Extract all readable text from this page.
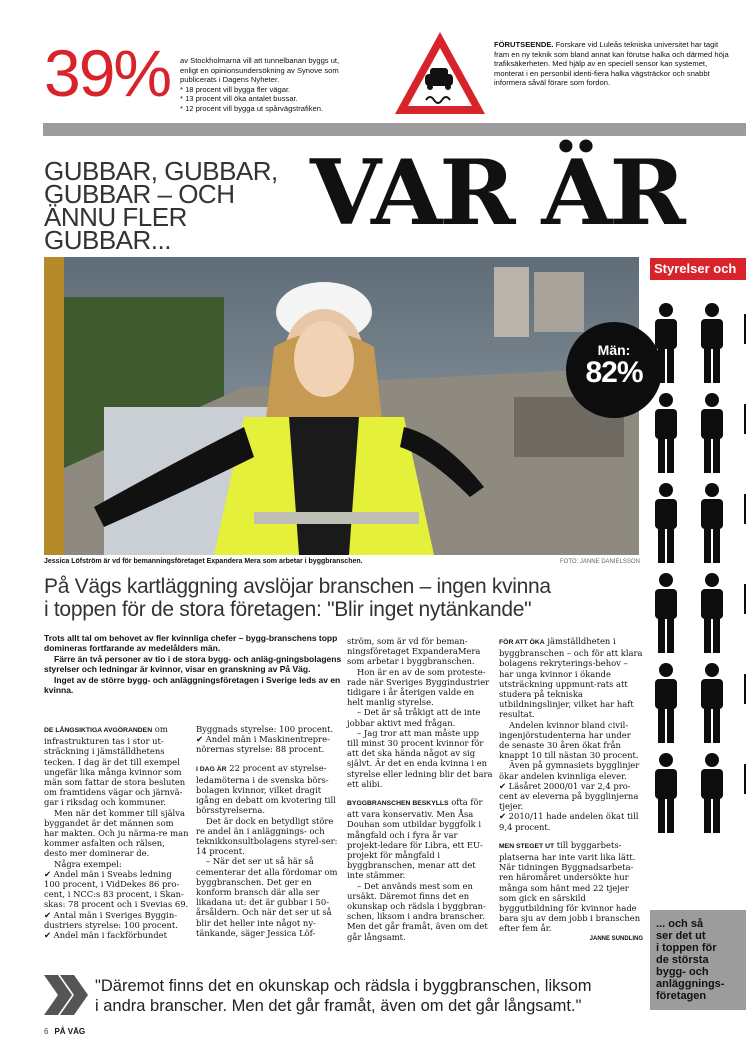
39% av Stockholmarna vill att tunnelbanan byggs ut,
enligt en opinionsundersökning av Synove som
publicerats i Dagens Nyheter.
* 18 procent vill bygga fler vägar.
* 13 procent vill öka antalet bussar.
* 12 procent vill bygga ut spårvägstrafiken.
FÖRUTSEENDE. Forskare vid Luleås tekniska universitet har tagit fram en ny teknik som bland annat kan förutse halka och därmed höja trafiksäkerheten. Med hjälp av en speciell sensor kan systemet, monterat i en personbil identi-fiera halka vägsträckor och snabbt informera såväl förare som fordon.
GUBBAR, GUBBAR,
GUBBAR – OCH
ÄNNU FLER GUBBAR...	VAR ÄR
Män:
82%
Jessica Löfström är vd för bemanningsföretaget Expandera Mera som arbetar i byggbranschen.	FOTO: JANNE DANIELSSON
På Vägs kartläggning avslöjar branschen – ingen kvinna
i toppen för de stora företagen: "Blir inget nytänkande"

Trots allt tal om behovet av fler kvinnliga chefer – bygg-branschens topp domineras fortfarande av medelålders män.

Färre än två personer av tio i de stora bygg- och anläg-gningsbolagens styrelser och ledningar är kvinnor, visar en granskning av På Väg.

Inget av de större bygg- och anläggningsföretagen i Sverige leds av en kvinna.

DE LÅNGSIKTIGA AVGÖRANDEN om infrastrukturen tas i stor ut-sträckning i jämställdhetens tecken. I dag är det till exempel ungefär lika många kvinnor som män som fattar de stora besluten om framtidens vägar och järnvä-gar i riksdag och kommuner.

Men när det kommer till själva byggandet är det männen som har makten. Och ju närma-re man kommer asfalten och rälsen, desto mer dominerar de.

Några exempel:

✔ Andel män i Sveabs ledning 100 procent, i VidDekes 86 pro-cent, i NCC:s 83 procent, i Skan-skas: 78 procent och i Svevias 69.

✔ Antal män i Sveriges Byggin-dustriers styrelse: 100 procent.

✔ Andel män i fackförbundet

Byggnads styrelse: 100 procent.

✔ Andel män i Maskinentrepre-nörernas styrelse: 88 procent.

I DAG ÄR 22 procent av styrelse-ledamöterna i de svenska börs-bolagen kvinnor, vilket dragit igång en debatt om kvotering till börsstyrelserna.

Det är dock en betydligt störe re andel än i anläggnings- och teknikkonsultbolagens styrel-ser: 14 procent.

– När det ser ut så här så cementerar det alla fördomar om byggbranschen. Det ger en konform bransch där alla ser likadana ut: det är gubbar i 50-årsåldern. Och när det ser ut så blir det heller inte något ny-tänkande, säger Jessica Löf-

ström, som är vd för beman-ningsföretaget ExpanderaMera som arbetar i byggbranschen.

Hon är en av de som proteste-rade när Sveriges Byggindustrier tidigare i år återigen valde en helt manlig styrelse.

– Det är så tråkigt att de inte jobbar aktivt med frågan.

– Jag tror att man måste upp till minst 30 procent kvinnor för att det ska hända något av sig självt. Är det en enda kvinna i en styrelse eller ledning blir det bara ett alibi.

BYGGBRANSCHEN BESKYLLS ofta för att vara konservativ. Men Åsa Douhan som utbildar byggfolk i mångfald och i fyra år var projekt-ledare för Libra, ett EU-projekt för mångfald i byggbranschen, menar att det inte stämmer.

– Det används mest som en ursäkt. Däremot finns det en okunskap och rädsla i byggbran-schen, liksom i andra branscher. Men det går framåt, även om det går långsamt.

FÖR ATT ÖKA jämställdheten i byggbranschen – och för att klara bolagens rekryterings-behov – har unga kvinnor i ökande utsträckning uppmunt-rats att studera på tekniska utbildningslinjer, vilket har haft resultat.

Andelen kvinnor bland civil-ingenjörstudenterna har under de senaste 30 åren ökat från knappt 10 till nästan 30 procent.

Även på gymnasiets bygglinjer ökar andelen kvinnliga elever.

✔ Läsåret 2000/01 var 2,4 pro-cent av eleverna på bygglinjerna tjejer.

✔ 2010/11 hade andelen ökat till 9,4 procent.

MEN STEGET UT till byggarbets-platserna har inte varit lika lätt. När tidningen Byggnadsarbeta-ren häromåret undersökte hur många som hänt med 22 tjejer som gick en särskild byggutbildning för kvinnor hade bara sju av dem jobb i branschen efter fem år.

JANNE SUNDLING

Styrelser och
... och så
ser det ut
i toppen för
de största
bygg- och
anläggnings-
företagen
"Däremot finns det en okunskap och rädsla i byggbranschen, liksom
i andra branscher. Men det går framåt, även om det går långsamt."
6 PÅ VÄG
